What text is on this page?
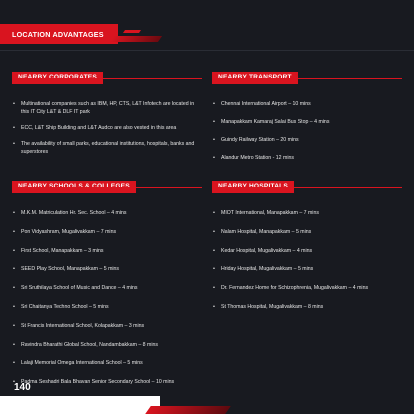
LOCATION ADVANTAGES
• Multinational companies such as IBM, HP, CTS, L&T Infotech are located in this IT City L&T & DLF IT park
• ECC, L&T Ship Building and L&T Audco are also vested in this area
• The availability of small parks, educational institutions, hospitals, banks and superstores
• Chennai International Airport – 10 mins
• Manapakkam Kamaraj Salai Bus Stop – 4 mins
• Guindy Railway Station – 20 mins
• Alandur Metro Station - 12 mins
• M.K.M. Matriculation Hr. Sec. School – 4 mins
• Pon Vidyashram, Mugalivakkam – 7 mins
• First School, Manapakkam – 3 mins
• SEED Play School, Manapakkam – 5 mins
• Sri Sruthilaya School of Music and Dance – 4 mins
• Sri Chaitanya Techno School – 5 mins
• St Francis International School, Kolapakkam – 3 mins
• Ravindra Bharathi Global School, Nandambakkam – 8 mins
• Lalaji Memorial Omega International School – 5 mins
• Padma Seshadri Bala Bhavan Senior Secondary School – 10 mins
• MIOT International, Manapakkam – 7 mins
• Nalam Hospital, Manapakkam – 5 mins
• Kedar Hospital, Mugalivakkam – 4 mins
• Hriday Hospital, Mugalivakkam – 5 mins
• Dr. Fernandez Home for Schizophrenia, Mugalivakkam – 4 mins
• St Thomas Hospital, Mugalivakkam – 8 mins
140
